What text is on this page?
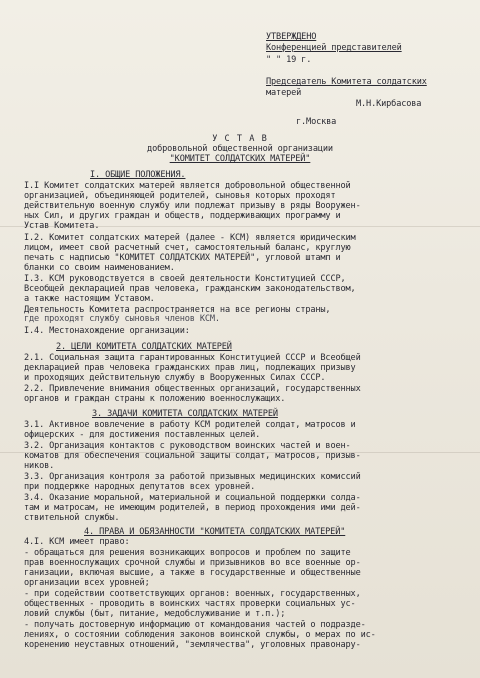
УТВЕРЖДЕНО
Конференцией представителей
" " 19 г.
Председатель Комитета солдатских
матерей
М.Н.Кирбасова
г.Москва
У С Т А В
добровольной общественной организации
"КОМИТЕТ СОЛДАТСКИХ МАТЕРЕЙ"
I. ОБЩИЕ ПОЛОЖЕНИЯ.
I.I Комитет солдатских матерей является добровольной общественной
организацией, объединяющей родителей, сыновья которых проходят
действительную военную службу или подлежат призыву в ряды Вооружен-
ных Сил, и других граждан и обществ, поддерживающих программу и
Устав Комитета.
I.2. Комитет солдатских матерей (далее - КСМ) является юридическим
лицом, имеет свой расчетный счет, самостоятельный баланс, круглую
печать с надписью "КОМИТЕТ СОЛДАТСКИХ МАТЕРЕЙ", угловой штамп и
бланки со своим наименованием.
I.3. КСМ руководствуется в своей деятельности Конституцией СССР,
Всеобщей декларацией прав человека, гражданским законодательством,
а также настоящим Уставом.
Деятельность Комитета распространяется на все регионы страны,
где проходят службу сыновья членов КСМ.
I.4. Местонахождение организации:
2. ЦЕЛИ КОМИТЕТА СОЛДАТСКИХ МАТЕРЕЙ
2.1. Социальная защита гарантированных Конституцией СССР и Всеобщей
декларацией прав человека гражданских прав лиц, подлежащих призыву
и проходящих действительную службу в Вооруженных Силах СССР.
2.2. Привлечение внимания общественных организаций, государственных
органов и граждан страны к положению военнослужащих.
3. ЗАДАЧИ КОМИТЕТА СОЛДАТСКИХ МАТЕРЕЙ
3.1. Активное вовлечение в работу КСМ родителей солдат, матросов и
офицерских - для достижения поставленных целей.
3.2. Организация контактов с руководством воинских частей и воен-
коматов для обеспечения социальной защиты солдат, матросов, призыв-
ников.
3.3. Организация контроля за работой призывных медицинских комиссий
при поддержке народных депутатов всех уровней.
3.4. Оказание моральной, материальной и социальной поддержки солда-
там и матросам, не имеющим родителей, в период прохождения ими дей-
ствительной службы.
4. ПРАВА И ОБЯЗАННОСТИ "КОМИТЕТА СОЛДАТСКИХ МАТЕРЕЙ"
4.I. КСМ имеет право:
- обращаться для решения возникающих вопросов и проблем по защите
прав военнослужащих срочной службы и призывников во все военные ор-
ганизации, включая высшие, а также в государственные и общественные
организации всех уровней;
- при содействии соответствующих органов: военных, государственных,
общественных - проводить в воинских частях проверки социальных ус-
ловий службы (быт, питание, медобслуживание и т.п.);
- получать достоверную информацию от командования частей о подраздe-
лениях, о состоянии соблюдения законов воинской службы, о мерах по ис-
коренению неуставных отношений, "землячества", уголовных правонару-
